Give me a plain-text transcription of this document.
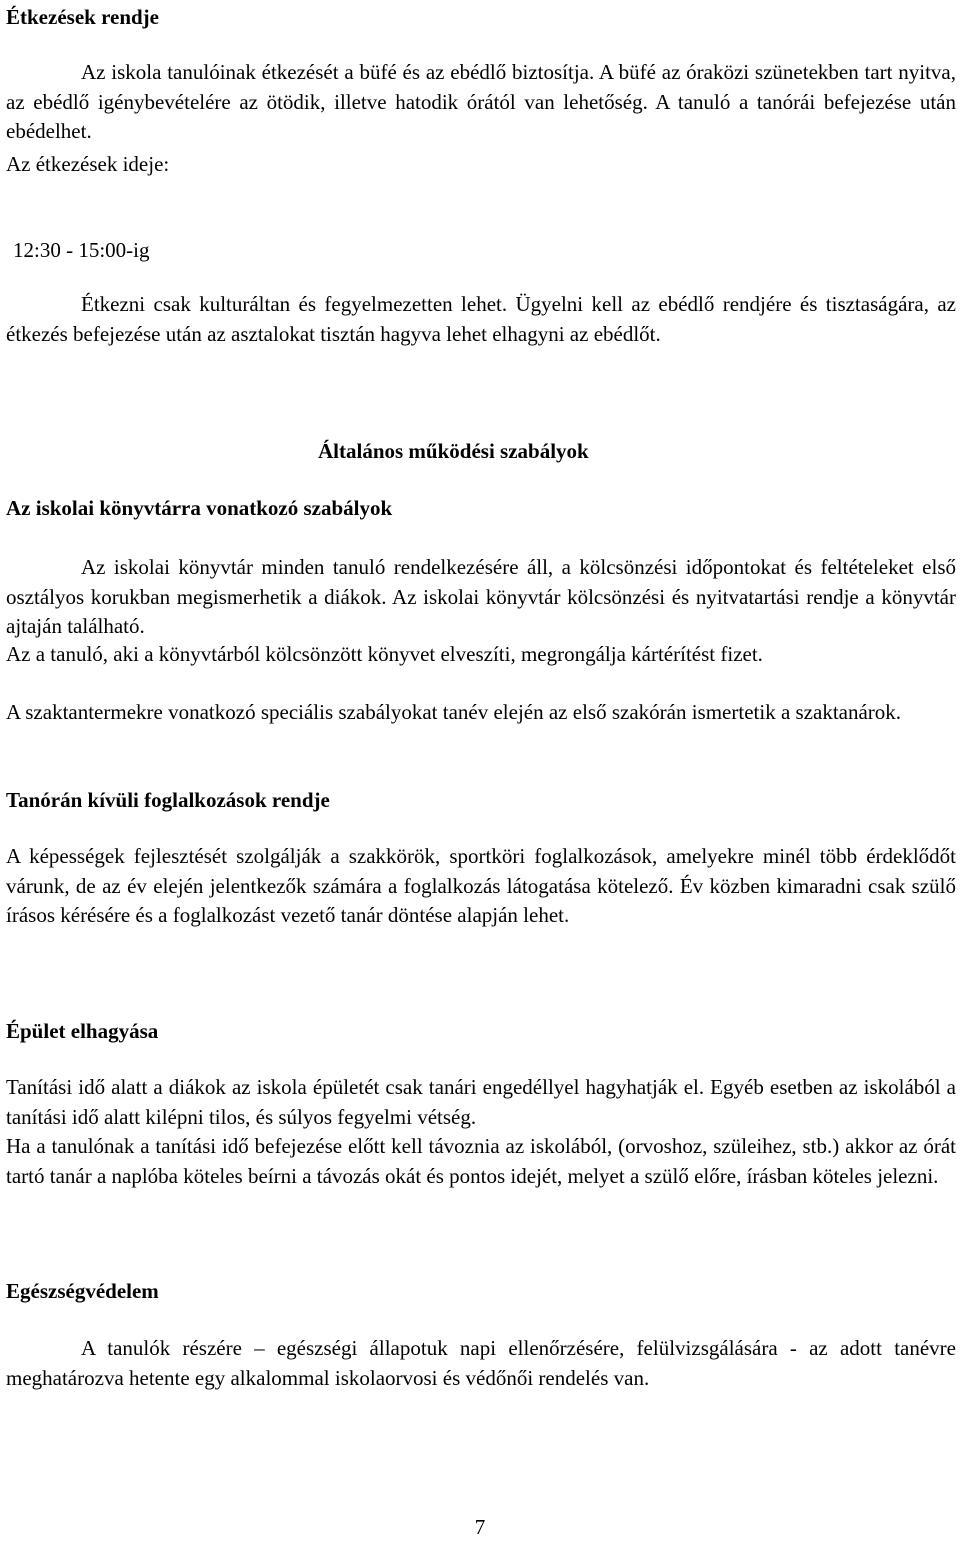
Étkezések rendje

Az iskola tanulóinak étkezését a büfé és az ebédlő biztosítja. A büfé az óraközi szünetekben tart nyitva, az ebédlő igénybevételére az ötödik, illetve hatodik órától van lehetőség. A tanuló a tanórái befejezése után ebédelhet.

Az étkezések ideje:
12:30 - 15:00-ig

Étkezni csak kulturáltan és fegyelmezetten lehet. Ügyelni kell az ebédlő rendjére és tisztaságára, az étkezés befejezése után az asztalokat tisztán hagyva lehet elhagyni az ebédlőt.

Általános működési szabályok
Az iskolai könyvtárra vonatkozó szabályok

Az iskolai könyvtár minden tanuló rendelkezésére áll, a kölcsönzési időpontokat és feltételeket első osztályos korukban megismerhetik a diákok. Az iskolai könyvtár kölcsönzési és nyitvatartási rendje a könyvtár ajtaján található.

Az a tanuló, aki a könyvtárból kölcsönzött könyvet elveszíti, megrongálja kártérítést fizet.

A szaktantermekre vonatkozó speciális szabályokat tanév elején az első szakórán ismertetik a szaktanárok.

Tanórán kívüli foglalkozások rendje

A képességek fejlesztését szolgálják a szakkörök, sportköri foglalkozások, amelyekre minél több érdeklődőt várunk, de az év elején jelentkezők számára a foglalkozás látogatása kötelező. Év közben kimaradni csak szülő írásos kérésére és a foglalkozást vezető tanár döntése alapján lehet.

Épület elhagyása

Tanítási idő alatt a diákok az iskola épületét csak tanári engedéllyel hagyhatják el. Egyéb esetben az iskolából a tanítási idő alatt kilépni tilos, és súlyos fegyelmi vétség.

Ha a tanulónak a tanítási idő befejezése előtt kell távoznia az iskolából, (orvoshoz, szüleihez, stb.) akkor az órát tartó tanár a naplóba köteles beírni a távozás okát és pontos idejét, melyet a szülő előre, írásban köteles jelezni.

Egészségvédelem

A tanulók részére – egészségi állapotuk napi ellenőrzésére, felülvizsgálására - az adott tanévre meghatározva hetente egy alkalommal iskolaorvosi és védőnői rendelés van.

7
